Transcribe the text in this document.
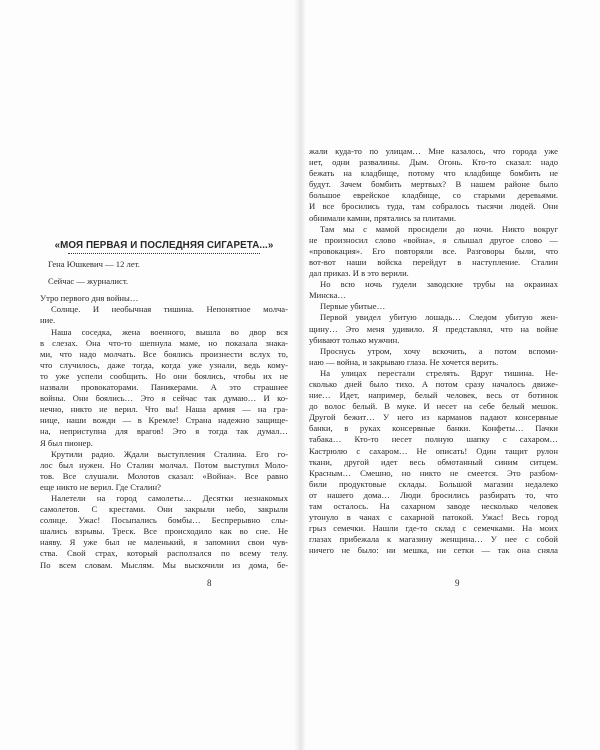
«МОЯ ПЕРВАЯ И ПОСЛЕДНЯЯ СИГАРЕТА...»
Гена Юшкевич — 12 лет.
Сейчас — журналист.
Утро первого дня войны…
Солнце. И необычная тишина. Непонятное молча-
ние.
Наша соседка, жена военного, вышла во двор вся
в слезах. Она что-то шепнула маме, но показала знака-
ми, что надо молчать. Все боялись произнести вслух то,
что случилось, даже тогда, когда уже узнали, ведь кому-
то уже успели сообщить. Но они боялись, чтобы их не
назвали провокаторами. Паникерами. А это страшнее
войны. Они боялись… Это я сейчас так думаю… И ко-
нечно, никто не верил. Что вы! Наша армия — на гра-
нице, наши вожди — в Кремле! Страна надежно защище-
на, неприступна для врагов! Это я тогда так думал…
Я был пионер.
Крутили радио. Ждали выступления Сталина. Его го-
лос был нужен. Но Сталин молчал. Потом выступил Моло-
тов. Все слушали. Молотов сказал: «Война». Все равно
еще никто не верил. Где Сталин?
Налетели на город самолеты… Десятки незнакомых
самолетов. С крестами. Они закрыли небо, закрыли
солнце. Ужас! Посыпались бомбы… Беспрерывно слы-
шались взрывы. Треск. Все происходило как во сне. Не
наяву. Я уже был не маленький, я запомнил свои чув-
ства. Свой страх, который расползался по всему телу.
По всем словам. Мыслям. Мы выскочили из дома, бе-
жали куда-то по улицам… Мне казалось, что города уже
нет, одни развалины. Дым. Огонь. Кто-то сказал: надо
бежать на кладбище, потому что кладбище бомбить не
будут. Зачем бомбить мертвых? В нашем районе было
большое еврейское кладбище, со старыми деревьями.
И все бросились туда, там собралось тысячи людей. Они
обнимали камни, прятались за плитами.
Там мы с мамой просидели до ночи. Никто вокруг
не произносил слово «война», я слышал другое слово —
«провокация». Его повторяли все. Разговоры были, что
вот-вот наши войска перейдут в наступление. Сталин
дал приказ. И в это верили.
Но всю ночь гудели заводские трубы на окраинах
Минска…
Первые убитые…
Первой увидел убитую лошадь… Следом убитую жен-
щину… Это меня удивило. Я представлял, что на войне
убивают только мужчин.
Проснусь утром, хочу вскочить, а потом вспоми-
наю — война, и закрываю глаза. Не хочется верить.
На улицах перестали стрелять. Вдруг тишина. Не-
сколько дней было тихо. А потом сразу началось движе-
ние… Идет, например, белый человек, весь от ботинок
до волос белый. В муке. И несет на себе белый мешок.
Другой бежит… У него из карманов падают консервные
банки, в руках консервные банки. Конфеты… Пачки
табака… Кто-то несет полную шапку с сахаром…
Кастрюлю с сахаром… Не описать! Один тащит рулон
ткани, другой идет весь обмотанный синим ситцем.
Красным… Смешно, но никто не смеется. Это разбом-
били продуктовые склады. Большой магазин недалеко
от нашего дома… Люди бросились разбирать то, что
там осталось. На сахарном заводе несколько человек
утонуло в чанах с сахарной патокой. Ужас! Весь город
грыз семечки. Нашли где-то склад с семечками. На моих
глазах прибежала к магазину женщина… У нее с собой
ничего не было: ни мешка, ни сетки — так она сняла
8	9
